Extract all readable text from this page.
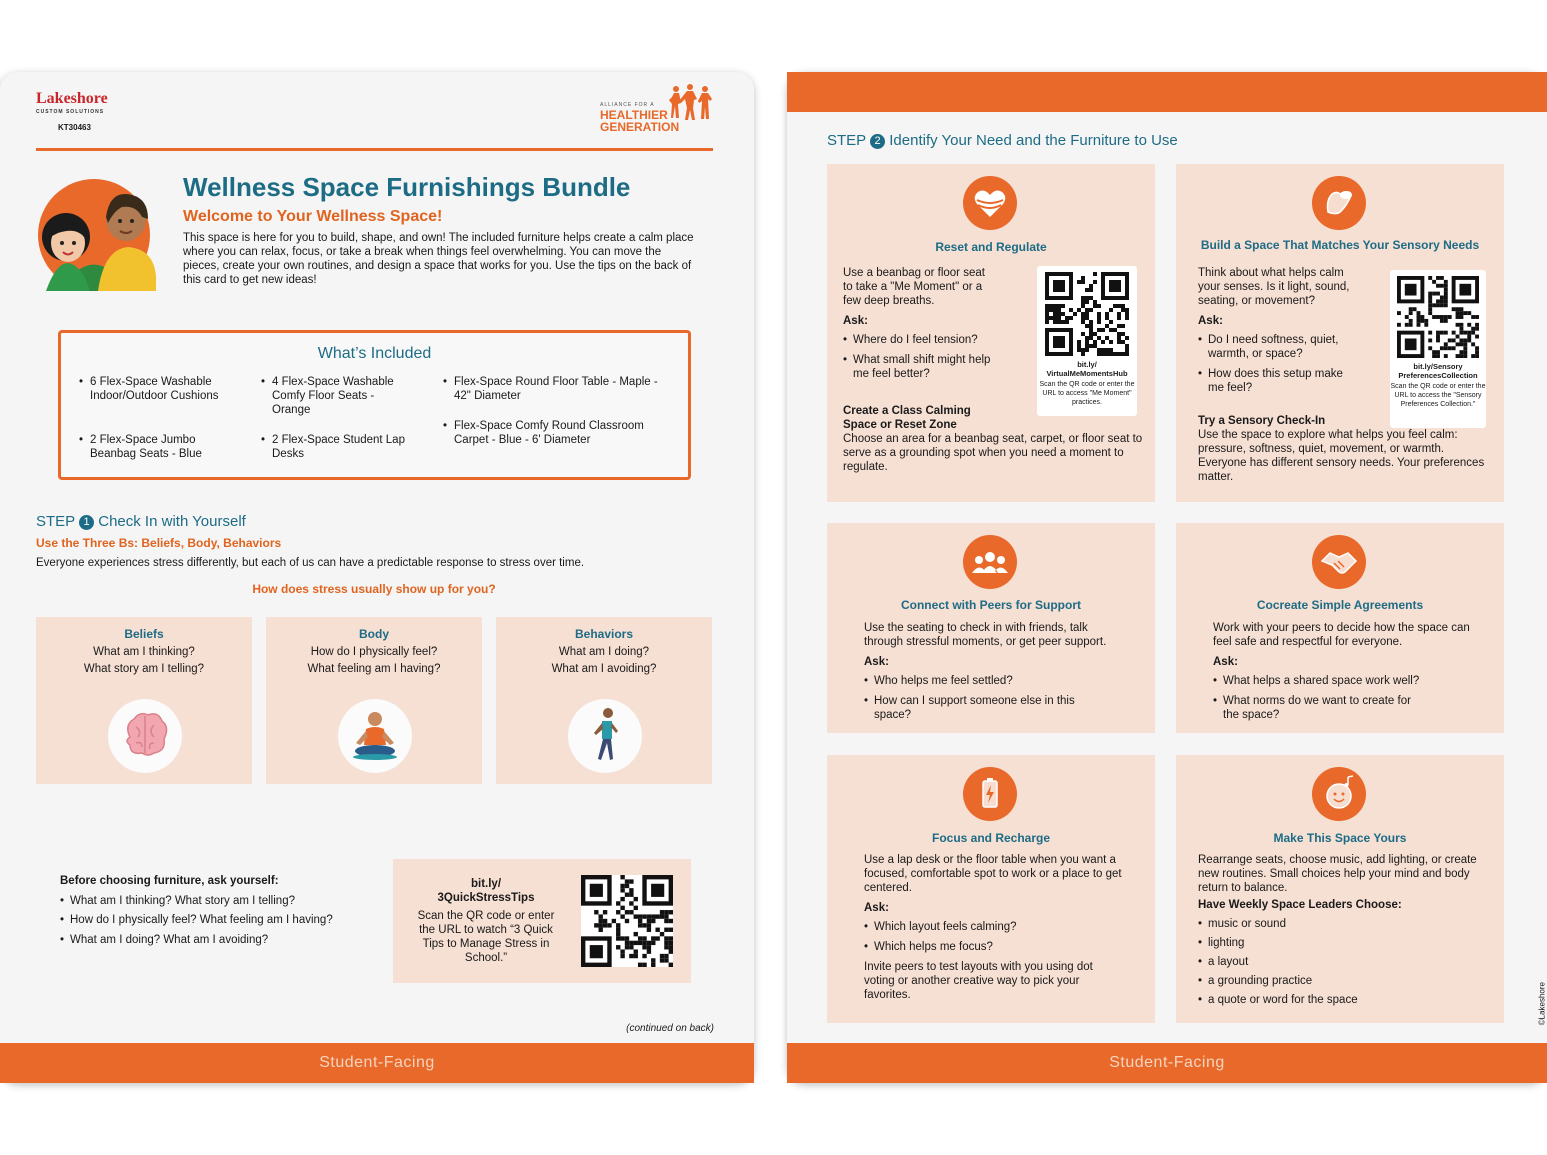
Lakeshore
CUSTOM SOLUTIONS
KT30463
ALLIANCE FOR A
HEALTHIER
GENERATION
Wellness Space Furnishings Bundle
Welcome to Your Wellness Space!
This space is here for you to build, shape, and own! The included furniture helps create a calm place where you can relax, focus, or take a break when things feel overwhelming. You can move the pieces, create your own routines, and design a space that works for you. Use the tips on the back of this card to get new ideas!
What’s Included
• 6 Flex-Space Washable Indoor/Outdoor Cushions
• 2 Flex-Space Jumbo Beanbag Seats - Blue
• 4 Flex-Space Washable Comfy Floor Seats - Orange
• 2 Flex-Space Student Lap Desks
• Flex-Space Round Floor Table - Maple - 42" Diameter
• Flex-Space Comfy Round Classroom Carpet - Blue - 6' Diameter
STEP 1 Check In with Yourself
Use the Three Bs: Beliefs, Body, Behaviors
Everyone experiences stress differently, but each of us can have a predictable response to stress over time.
How does stress usually show up for you?
Beliefs
What am I thinking?
What story am I telling?
Body
How do I physically feel?
What feeling am I having?
Behaviors
What am I doing?
What am I avoiding?
Before choosing furniture, ask yourself:
• What am I thinking? What story am I telling?
• How do I physically feel? What feeling am I having?
• What am I doing? What am I avoiding?
bit.ly/
3QuickStressTips
Scan the QR code or enter the URL to watch “3 Quick Tips to Manage Stress in School.”
(continued on back)
Student-Facing
STEP 2 Identify Your Need and the Furniture to Use
Reset and Regulate

Use a beanbag or floor seat to take a "Me Moment" or a few deep breaths.

Ask:
• Where do I feel tension?
• What small shift might help me feel better?
bit.ly/ VirtualMeMomentsHub
Scan the QR code or enter the URL to access "Me Moment" practices.
Create a Class Calming Space or Reset Zone

Choose an area for a beanbag seat, carpet, or floor seat to serve as a grounding spot when you need a moment to regulate.

Build a Space That Matches Your Sensory Needs

Think about what helps calm your senses. Is it light, sound, seating, or movement?

Ask:
• Do I need softness, quiet, warmth, or space?
• How does this setup make me feel?
bit.ly/Sensory PreferencesCollection
Scan the QR code or enter the URL to access the "Sensory Preferences Collection."
Try a Sensory Check-In

Use the space to explore what helps you feel calm: pressure, softness, quiet, movement, or warmth. Everyone has different sensory needs. Your preferences matter.

Connect with Peers for Support

Use the seating to check in with friends, talk through stressful moments, or get peer support.

Ask:
• Who helps me feel settled?
• How can I support someone else in this space?
Cocreate Simple Agreements

Work with your peers to decide how the space can feel safe and respectful for everyone.

Ask:
• What helps a shared space work well?
• What norms do we want to create for the space?
Focus and Recharge

Use a lap desk or the floor table when you want a focused, comfortable spot to work or a place to get centered.

Ask:
• Which layout feels calming?
• Which helps me focus?

Invite peers to test layouts with you using dot voting or another creative way to pick your favorites.

Make This Space Yours

Rearrange seats, choose music, add lighting, or create new routines. Small choices help your mind and body return to balance.

Have Weekly Space Leaders Choose:
• music or sound
• lighting
• a layout
• a grounding practice
• a quote or word for the space	©Lakeshore
Student-Facing
